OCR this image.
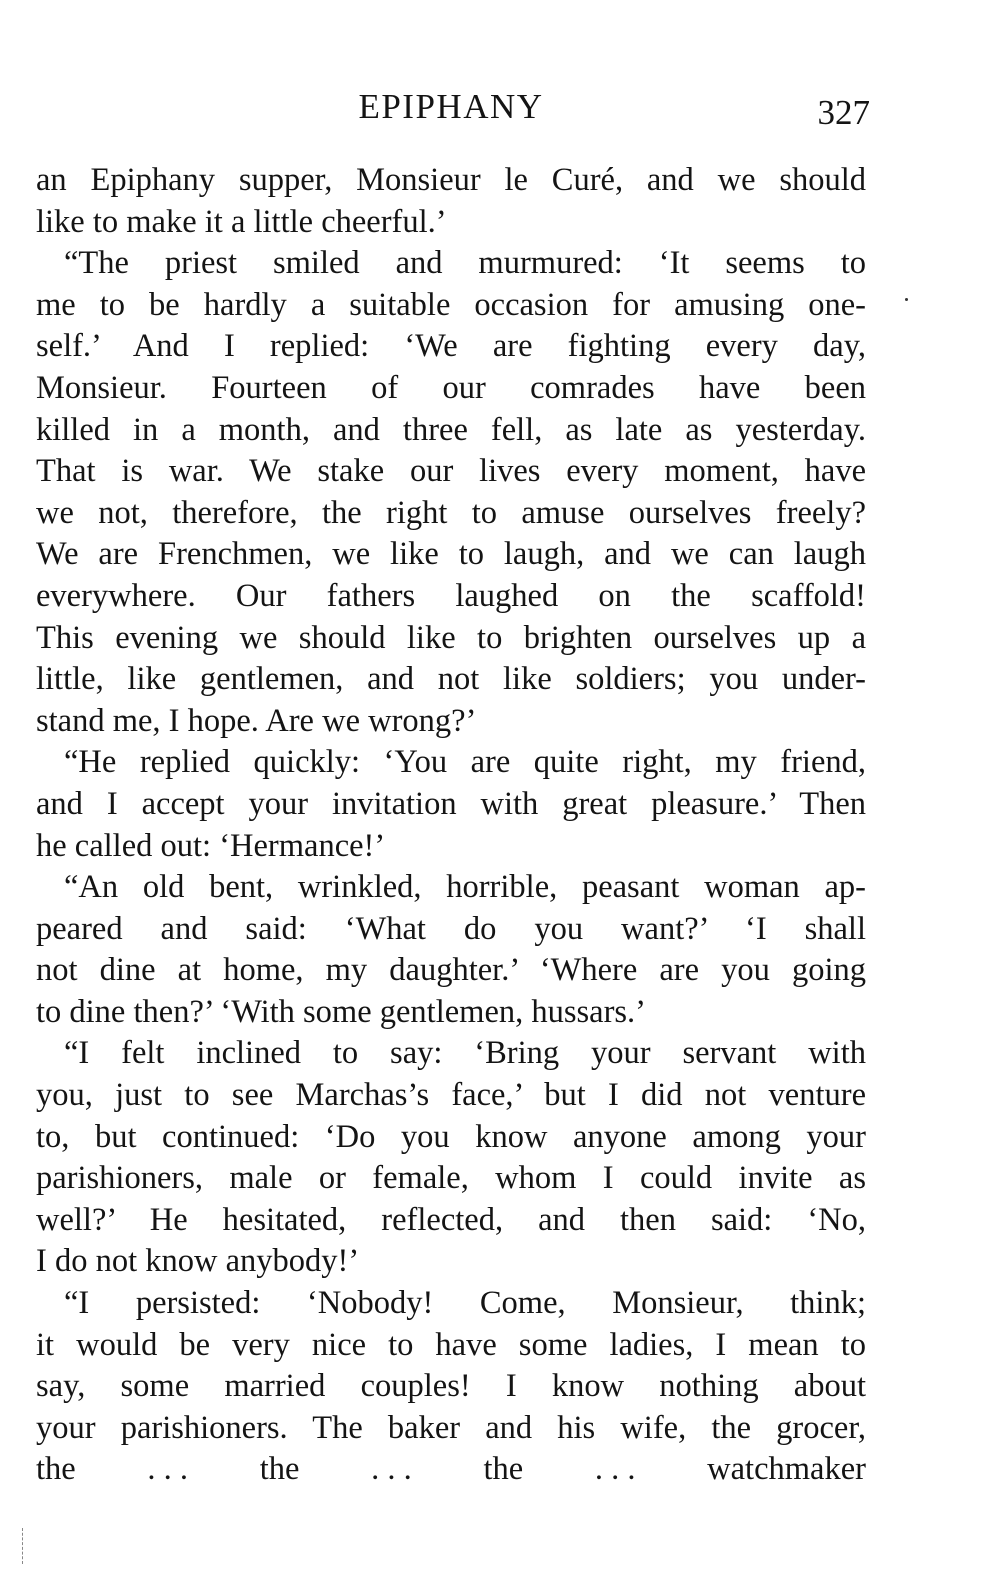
EPIPHANY	327
an Epiphany supper, Monsieur le Curé, and we should
like to make it a little cheerful.’
“The priest smiled and murmured: ‘It seems to
me to be hardly a suitable occasion for amusing one-
self.’ And I replied: ‘We are fighting every day,
Monsieur. Fourteen of our comrades have been
killed in a month, and three fell, as late as yesterday.
That is war. We stake our lives every moment, have
we not, therefore, the right to amuse ourselves freely?
We are Frenchmen, we like to laugh, and we can laugh
everywhere. Our fathers laughed on the scaffold!
This evening we should like to brighten ourselves up a
little, like gentlemen, and not like soldiers; you under-
stand me, I hope. Are we wrong?’
“He replied quickly: ‘You are quite right, my friend,
and I accept your invitation with great pleasure.’ Then
he called out: ‘Hermance!’
“An old bent, wrinkled, horrible, peasant woman ap-
peared and said: ‘What do you want?’ ‘I shall
not dine at home, my daughter.’ ‘Where are you going
to dine then?’ ‘With some gentlemen, hussars.’
“I felt inclined to say: ‘Bring your servant with
you, just to see Marchas’s face,’ but I did not venture
to, but continued: ‘Do you know anyone among your
parishioners, male or female, whom I could invite as
well?’ He hesitated, reflected, and then said: ‘No,
I do not know anybody!’
“I persisted: ‘Nobody! Come, Monsieur, think;
it would be very nice to have some ladies, I mean to
say, some married couples! I know nothing about
your parishioners. The baker and his wife, the grocer,
the . . . the . . . the . . . watchmaker
